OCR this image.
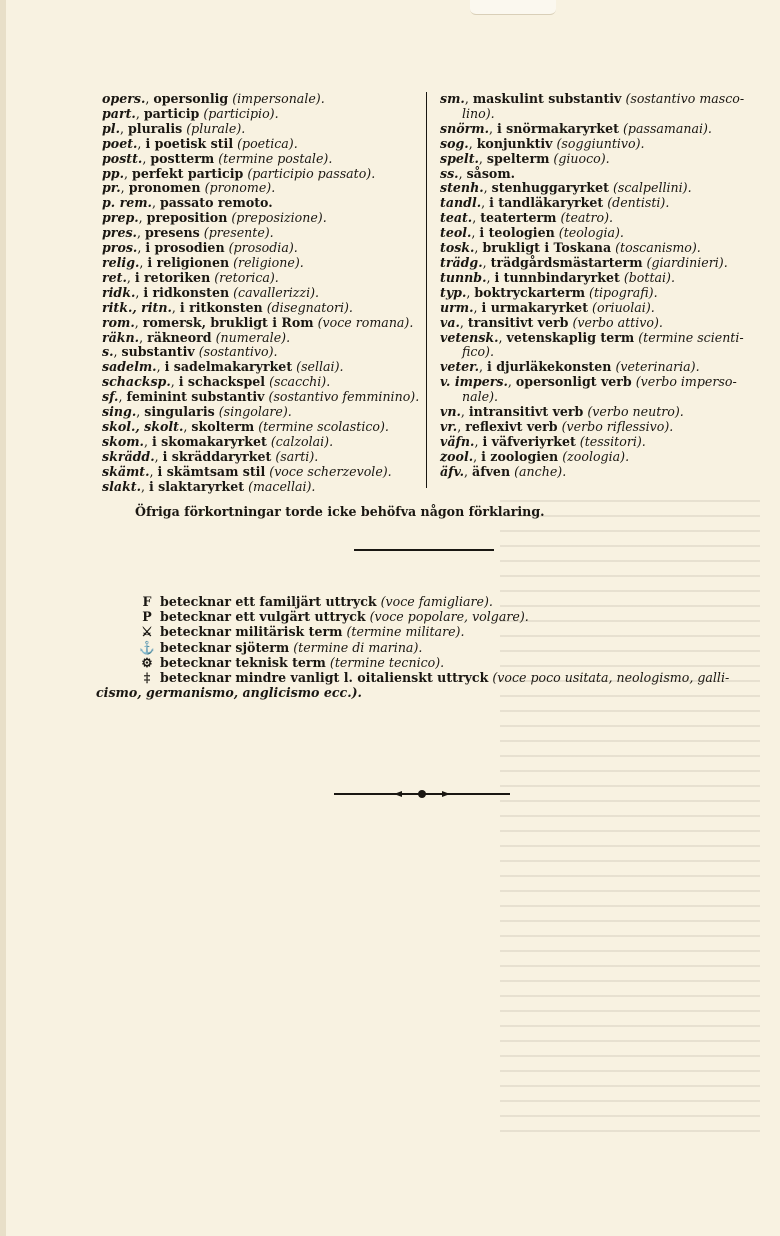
opers., opersonlig (impersonale).
part., particip (participio).
pl., pluralis (plurale).
poet., i poetisk stil (poetica).
postt., postterm (termine postale).
pp., perfekt particip (participio passato).
pr., pronomen (pronome).
p. rem., passato remoto.
prep., preposition (preposizione).
pres., presens (presente).
pros., i prosodien (prosodia).
relig., i religionen (religione).
ret., i retoriken (retorica).
ridk., i ridkonsten (cavallerizzi).
ritk., ritn., i ritkonsten (disegnatori).
rom., romersk, brukligt i Rom (voce romana).
räkn., räkneord (numerale).
s., substantiv (sostantivo).
sadelm., i sadelmakaryrket (sellai).
schacksp., i schackspel (scacchi).
sf., feminint substantiv (sostantivo femminino).
sing., singularis (singolare).
skol., skolt., skolterm (termine scolastico).
skom., i skomakaryrket (calzolai).
skrädd., i skräddaryrket (sarti).
skämt., i skämtsam stil (voce scherzevole).
slakt., i slaktaryrket (macellai).
sm., maskulint substantiv (sostantivo masco-
lino).
snörm., i snörmakaryrket (passamanai).
sog., konjunktiv (soggiuntivo).
spelt., spelterm (giuoco).
ss., såsom.
stenh., stenhuggaryrket (scalpellini).
tandl., i tandläkaryrket (dentisti).
teat., teaterterm (teatro).
teol., i teologien (teologia).
tosk., brukligt i Toskana (toscanismo).
trädg., trädgårdsmästarterm (giardinieri).
tunnb., i tunnbindaryrket (bottai).
typ., boktryckarterm (tipografi).
urm., i urmakaryrket (oriuolai).
va., transitivt verb (verbo attivo).
vetensk., vetenskaplig term (termine scienti-
fico).
veter., i djurläkekonsten (veterinaria).
v. impers., opersonligt verb (verbo imperso-
nale).
vn., intransitivt verb (verbo neutro).
vr., reflexivt verb (verbo riflessivo).
väfn., i väfveriyrket (tessitori).
zool., i zoologien (zoologia).
äfv., äfven (anche).
Öfriga förkortningar torde icke behöfva någon förklaring.
F betecknar ett familjärt uttryck (voce famigliare).
P betecknar ett vulgärt uttryck (voce popolare, volgare).
⚔ betecknar militärisk term (termine militare).
⚓ betecknar sjöterm (termine di marina).
⚙ betecknar teknisk term (termine tecnico).
‡ betecknar mindre vanligt l. oitalienskt uttryck (voce poco usitata, neologismo, galli-
cismo, germanismo, anglicismo ecc.).
